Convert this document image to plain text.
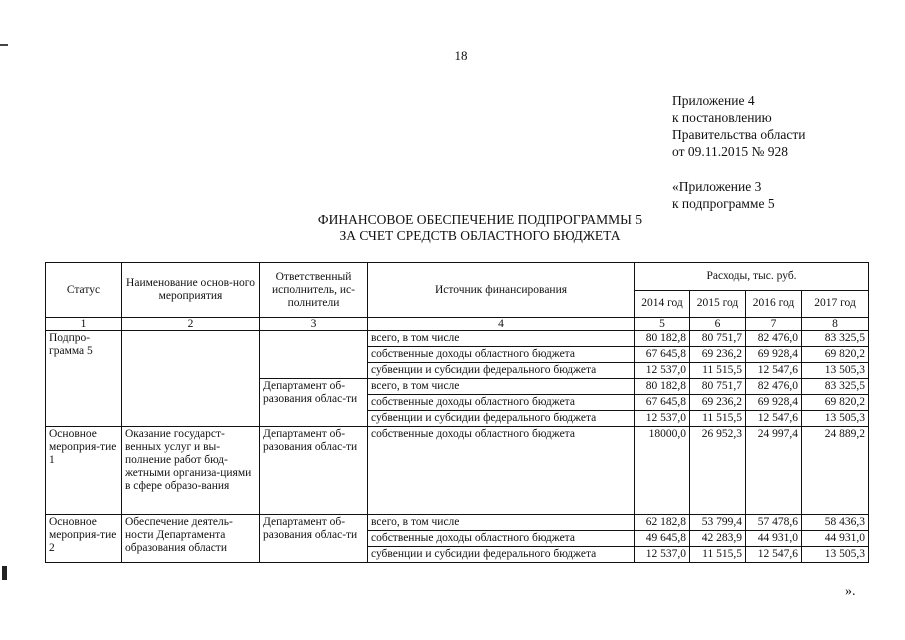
18
Приложение 4
к постановлению
Правительства области
от 09.11.2015 № 928
«Приложение 3
к подпрограмме 5
ФИНАНСОВОЕ ОБЕСПЕЧЕНИЕ ПОДПРОГРАММЫ 5
ЗА СЧЕТ СРЕДСТВ ОБЛАСТНОГО БЮДЖЕТА
Статус	Наименование основ-ного мероприятия	Ответственный исполнитель, ис-полнители	Источник финансирования	Расходы, тыс. руб.			
				2014 год	2015 год	2016 год	2017 год
1	2	3	4	5	6	7	8
Подпро-грамма 5			всего, в том числе	80 182,8	80 751,7	82 476,0	83 325,5
			собственные доходы областного бюджета	67 645,8	69 236,2	69 928,4	69 820,2
			субвенции и субсидии федерального бюджета	12 537,0	11 515,5	12 547,6	13 505,3
		Департамент об-разования облас-ти	всего, в том числе	80 182,8	80 751,7	82 476,0	83 325,5
			собственные доходы областного бюджета	67 645,8	69 236,2	69 928,4	69 820,2
			субвенции и субсидии федерального бюджета	12 537,0	11 515,5	12 547,6	13 505,3
Основное мероприя-тие 1	Оказание государст-венных услуг и вы-полнение работ бюд-жетными организа-циями в сфере образо-вания	Департамент об-разования облас-ти	собственные доходы областного бюджета	18000,0	26 952,3	24 997,4	24 889,2
Основное мероприя-тие 2	Обеспечение деятель-ности Департамента образования области	Департамент об-разования облас-ти	всего, в том числе	62 182,8	53 799,4	57 478,6	58 436,3
			собственные доходы областного бюджета	49 645,8	42 283,9	44 931,0	44 931,0
			субвенции и субсидии федерального бюджета	12 537,0	11 515,5	12 547,6	13 505,3
».
